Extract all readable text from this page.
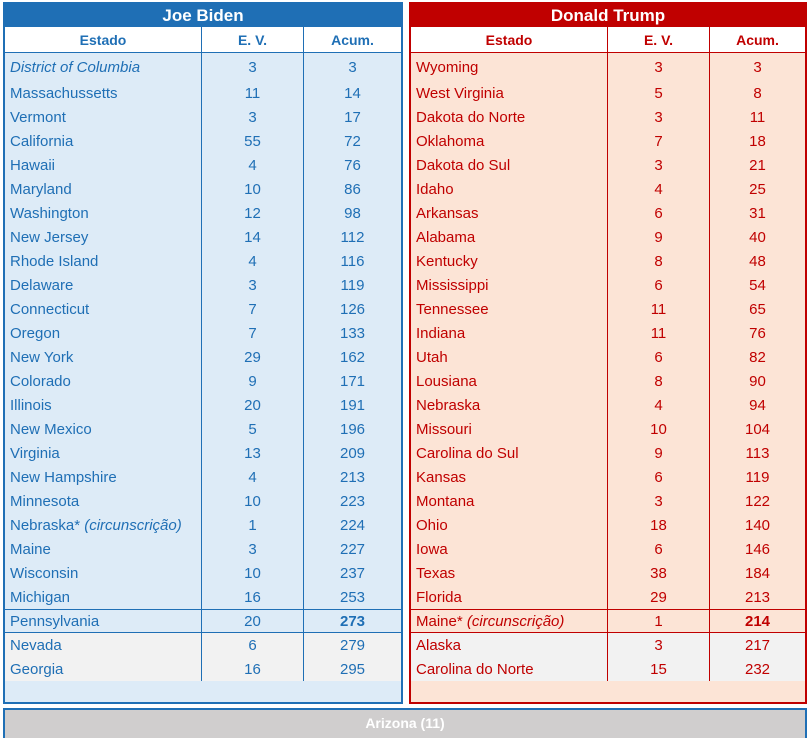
Joe Biden
Estado	E. V.	Acum.
District of Columbia	3	3
Massachussetts	11	14
Vermont	3	17
California	55	72
Hawaii	4	76
Maryland	10	86
Washington	12	98
New Jersey	14	112
Rhode Island	4	116
Delaware	3	119
Connecticut	7	126
Oregon	7	133
New York	29	162
Colorado	9	171
Illinois	20	191
New Mexico	5	196
Virginia	13	209
New Hampshire	4	213
Minnesota	10	223
Nebraska*
(circunscrição)	1	224
Maine	3	227
Wisconsin	10	237
Michigan	16	253
Pennsylvania	20	273
Nevada	6	279
Georgia	16	295
Donald Trump
Estado	E. V.	Acum.
Wyoming	3	3
West Virginia	5	8
Dakota do Norte	3	11
Oklahoma	7	18
Dakota do Sul	3	21
Idaho	4	25
Arkansas	6	31
Alabama	9	40
Kentucky	8	48
Mississippi	6	54
Tennessee	11	65
Indiana	11	76
Utah	6	82
Lousiana	8	90
Nebraska	4	94
Missouri	10	104
Carolina do Sul	9	113
Kansas	6	119
Montana	3	122
Ohio	18	140
Iowa	6	146
Texas	38	184
Florida	29	213
Maine*
(circunscrição)	1	214
Alaska	3	217
Carolina do Norte	15	232
Arizona (11)
